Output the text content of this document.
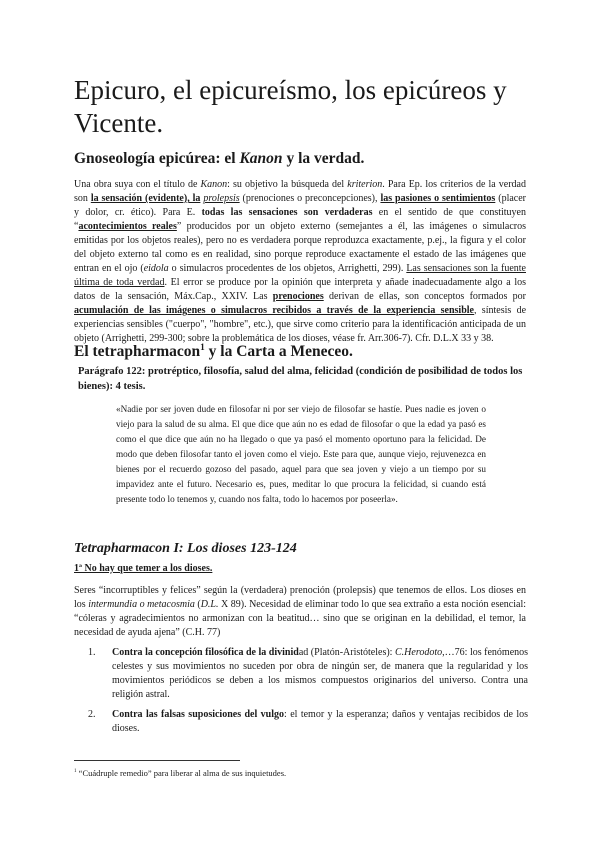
Epicuro, el epicureísmo, los epicúreos y Vicente.
Gnoseología epicúrea: el Kanon y la verdad.

Una obra suya con el título de Kanon: su objetivo la búsqueda del kriterion. Para Ep. los criterios de la verdad son la sensación (evidente), la prolepsis (prenociones o preconcepciones), las pasiones o sentimientos (placer y dolor, cr. ético). Para E. todas las sensaciones son verdaderas en el sentido de que constituyen “acontecimientos reales” producidos por un objeto externo (semejantes a él, las imágenes o simulacros emitidas por los objetos reales), pero no es verdadera porque reproduzca exactamente, p.ej., la figura y el color del objeto externo tal como es en realidad, sino porque reproduce exactamente el estado de las imágenes que entran en el ojo (eidola o simulacros procedentes de los objetos, Arrighetti, 299). Las sensaciones son la fuente última de toda verdad. El error se produce por la opinión que interpreta y añade inadecuadamente algo a los datos de la sensación, Máx.Cap., XXIV. Las prenociones derivan de ellas, son conceptos formados por acumulación de las imágenes o simulacros recibidos a través de la experiencia sensible, síntesis de experiencias sensibles ("cuerpo", "hombre", etc.), que sirve como criterio para la identificación anticipada de un objeto (Arrighetti, 299-300; sobre la problemática de los dioses, véase fr. Arr.306-7). Cfr. D.L.X 33 y 38.

El tetrapharmacon$^1$ y la Carta a Meneceo.

Parágrafo 122: protréptico, filosofía, salud del alma, felicidad (condición de posibilidad de todos los bienes): 4 tesis.

«Nadie por ser joven dude en filosofar ni por ser viejo de filosofar se hastíe. Pues nadie es joven o viejo para la salud de su alma. El que dice que aún no es edad de filosofar o que la edad ya pasó es como el que dice que aún no ha llegado o que ya pasó el momento oportuno para la felicidad. De modo que deben filosofar tanto el joven como el viejo. Este para que, aunque viejo, rejuvenezca en bienes por el recuerdo gozoso del pasado, aquel para que sea joven y viejo a un tiempo por su impavidez ante el futuro. Necesario es, pues, meditar lo que procura la felicidad, si cuando está presente todo lo tenemos y, cuando nos falta, todo lo hacemos por poseerla».

Tetrapharmacon I: Los dioses 123-124

1ª No hay que temer a los dioses.

Seres “incorruptibles y felices” según la (verdadera) prenoción (prolepsis) que tenemos de ellos. Los dioses en los intermundia o metacosmia (D.L. X 89). Necesidad de eliminar todo lo que sea extraño a esta noción esencial: “cóleras y agradecimientos no armonizan con la beatitud… sino que se originan en la debilidad, el temor, la necesidad de ayuda ajena” (C.H. 77)

1.	Contra la concepción filosófica de la divinidad (Platón-Aristóteles): C.Herodoto,…76: los fenómenos celestes y sus movimientos no suceden por obra de ningún ser, de manera que la regularidad y los movimientos periódicos se deben a los mismos compuestos originarios del universo. Contra una religión astral.
2.	Contra las falsas suposiciones del vulgo: el temor y la esperanza; daños y ventajas recibidos de los dioses.

$^1$ “Cuádruple remedio” para liberar al alma de sus inquietudes.
